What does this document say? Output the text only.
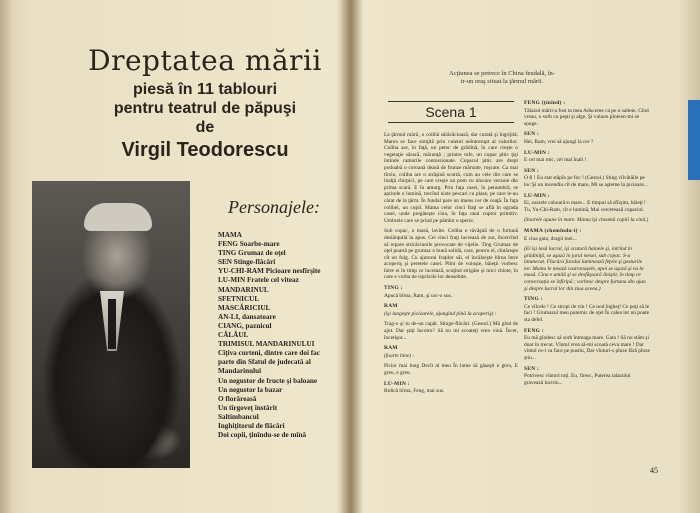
Dreptatea mării
piesă în 11 tablouri
pentru teatrul de păpuşi
de
Virgil Teodorescu
Personajele:
MAMA
FENG Soarbe-mare
TING Grumaz de oţel
SEN Stinge-flăcări
YU-CHI-RAM Picioare nesfîrşite
LU-MIN Fratele cel viteaz
MANDARINUL
SFETNICUL
MASCĂRICIUL
AN-LI, dansatoare
CIANG, paznicul
CĂLĂUL
TRIMISUL MANDARINULUI
Cîţiva curteni, dintre care doi fac
parte din Sfatul de judecată al
Mandarinului
Un negustor de fructe şi baloane
Un negustor la bazar
O florăreasă
Un tîrgoveţ înstărit
Saltimbancul
Inghiţitorul de flăcări
Doi copii, ţinîndu-se de mînă
Acţiunea se petrece în China feudală, în-
tr-un oraş situat la ţărmul mării.
Scena 1

La ţărmul mării, o colibă sărăcăcioasă, dar curată şi îngrijită. Marea se face simţită prin vuietul neîntrerupt al valurilor. Coliba are, în faţă, un petec de grădină, în care creşte o vegetaţie săracă, mărunţă ; printre tufe, un copac pitic ţişi întinde ramurile contorsionate. Copacul pitic are drept podoabă o coroană deasă de frunze mărunte, roşcate. Ca mai tîrziu, coliba are o străşină scurtă, cum au cele din care se înalţă chirpici, pe care creşte un pom cu ulucare verzuie din prima scară. E în amurg. Prin faţa casei, în penumbră, se aprinde o lumină, trecînd niste pescari cu plase, pe care le-au cărat de la ţărm. În fundal pare un imens cer de ceaţă. În faţa colibei, un copil. Mama celor cinci fraţi se află în ograda casei, unde pregăteşte cina, în faţa unui cuptor primitiv. Umbrele care se prind pe pămînt o sperie.

Sub copac, o masă, lavite. Coliba e răvăşită de o furtună deslănţuită la apus. Cei cinci fraţi lucrează de zor, încercînd să repare stricăciunile provocate de vijelie. Ting Grumaz de oţel poartă pe grumaz o bună solidă, care, pentru el, cîntăreşte cît un fulg. Cu ajutorul fraţilor săi, el încălzeşte bîrna între acoperiş şi peretele casei. Plini de voioşie, băieţii vorbesc între ei în timp ce lucrează, scoţînd strigăte şi mici chiote, în care e vorba de isprăvile lor deosebite.

TING :

Apucă bîrna, Ram, şi urc-o sus.

RAM

(îşi lungeşte picioarele, ajungînd pînă la acoperiş) :

Trag-o şi tu de-un capăt. Stinge-flăcări. (Gestul.) Mă gînd de ajut. Dar ştiţi încotro? Să nu mi scoateţi vreo vină. Încet, încetişor...

RAM

(foarte bine) :

Picior mai lung Decît al meu În lume să găseşti e greu, E greu, e greu.

LU-MIN :

Ridică bîrna, Feng, mai sus.

FENG (ţinînd) :

Tălazul mării-a fost ta mea Aduceme ca pe o salteie. Cînd vreau, o sorb cu peşti şi alge, Şi vuluen pînteen-mi se spoge.

SEN :

Hei, Ram, vrei să ajungi la cer ?

LU-MIN :

E cel mai mic, cel mai înalt !

SEN :

O fi ! Eu stat stăpîn pe foc ! (Gestul.) Sting vîlvătăile pe loc Şi un incendiu cît de mare, Mi se aşterne la picioare...

LU-MIN :

Ei, soarele coboară-n mare... E timpul să sfîrşim, băieţi ! Tu, Yu-Chi-Ram, cît e lumină, Mai cercetează copaciul.

(Soarele apune în mare. Mama îşi cheamă copiii la cină.)

MAMA (chemîndu-i) :

E cina gata, dragii mei...

(Ei îşi lasă lucrul, îşi scutură hainele şi, intrînd în grădiniţă, se aşază în jurul mesei, sub copac. S-a întunecat. Flacăra focului luminează feţele şi gesturile lor. Mama le mează castronaşele, apoi se aşază şi ea la masă. Cina e umilă şi se desfăşoară liniştit, în timp ce conversaţia se înfiripă ; vorbesc despre furtuna din ajun şi despre lucrul lor din ziua aceea.)

TING :

Ce vîlcele ! Ce stropi de vin ! Ce nod îngheţ! Ce poţi să le faci ! Grumazul meu puternic de oţel În calea lor nu poate sta defel.

FENG :

Eu mă gîndesc să sorb întreaga mare. Gata ! Să nu stăm şi doar în trecut. Vîntul vrea să-mi scoată ceva mare ! Dar vîntul ce-l va face pe pustiu, Dar vînturi-s pînze fără pînze ştiu...

SEN :

Potrivesc vînturi toţi. Eu, firesc, Puterea talazului gravează luciriu...

45
